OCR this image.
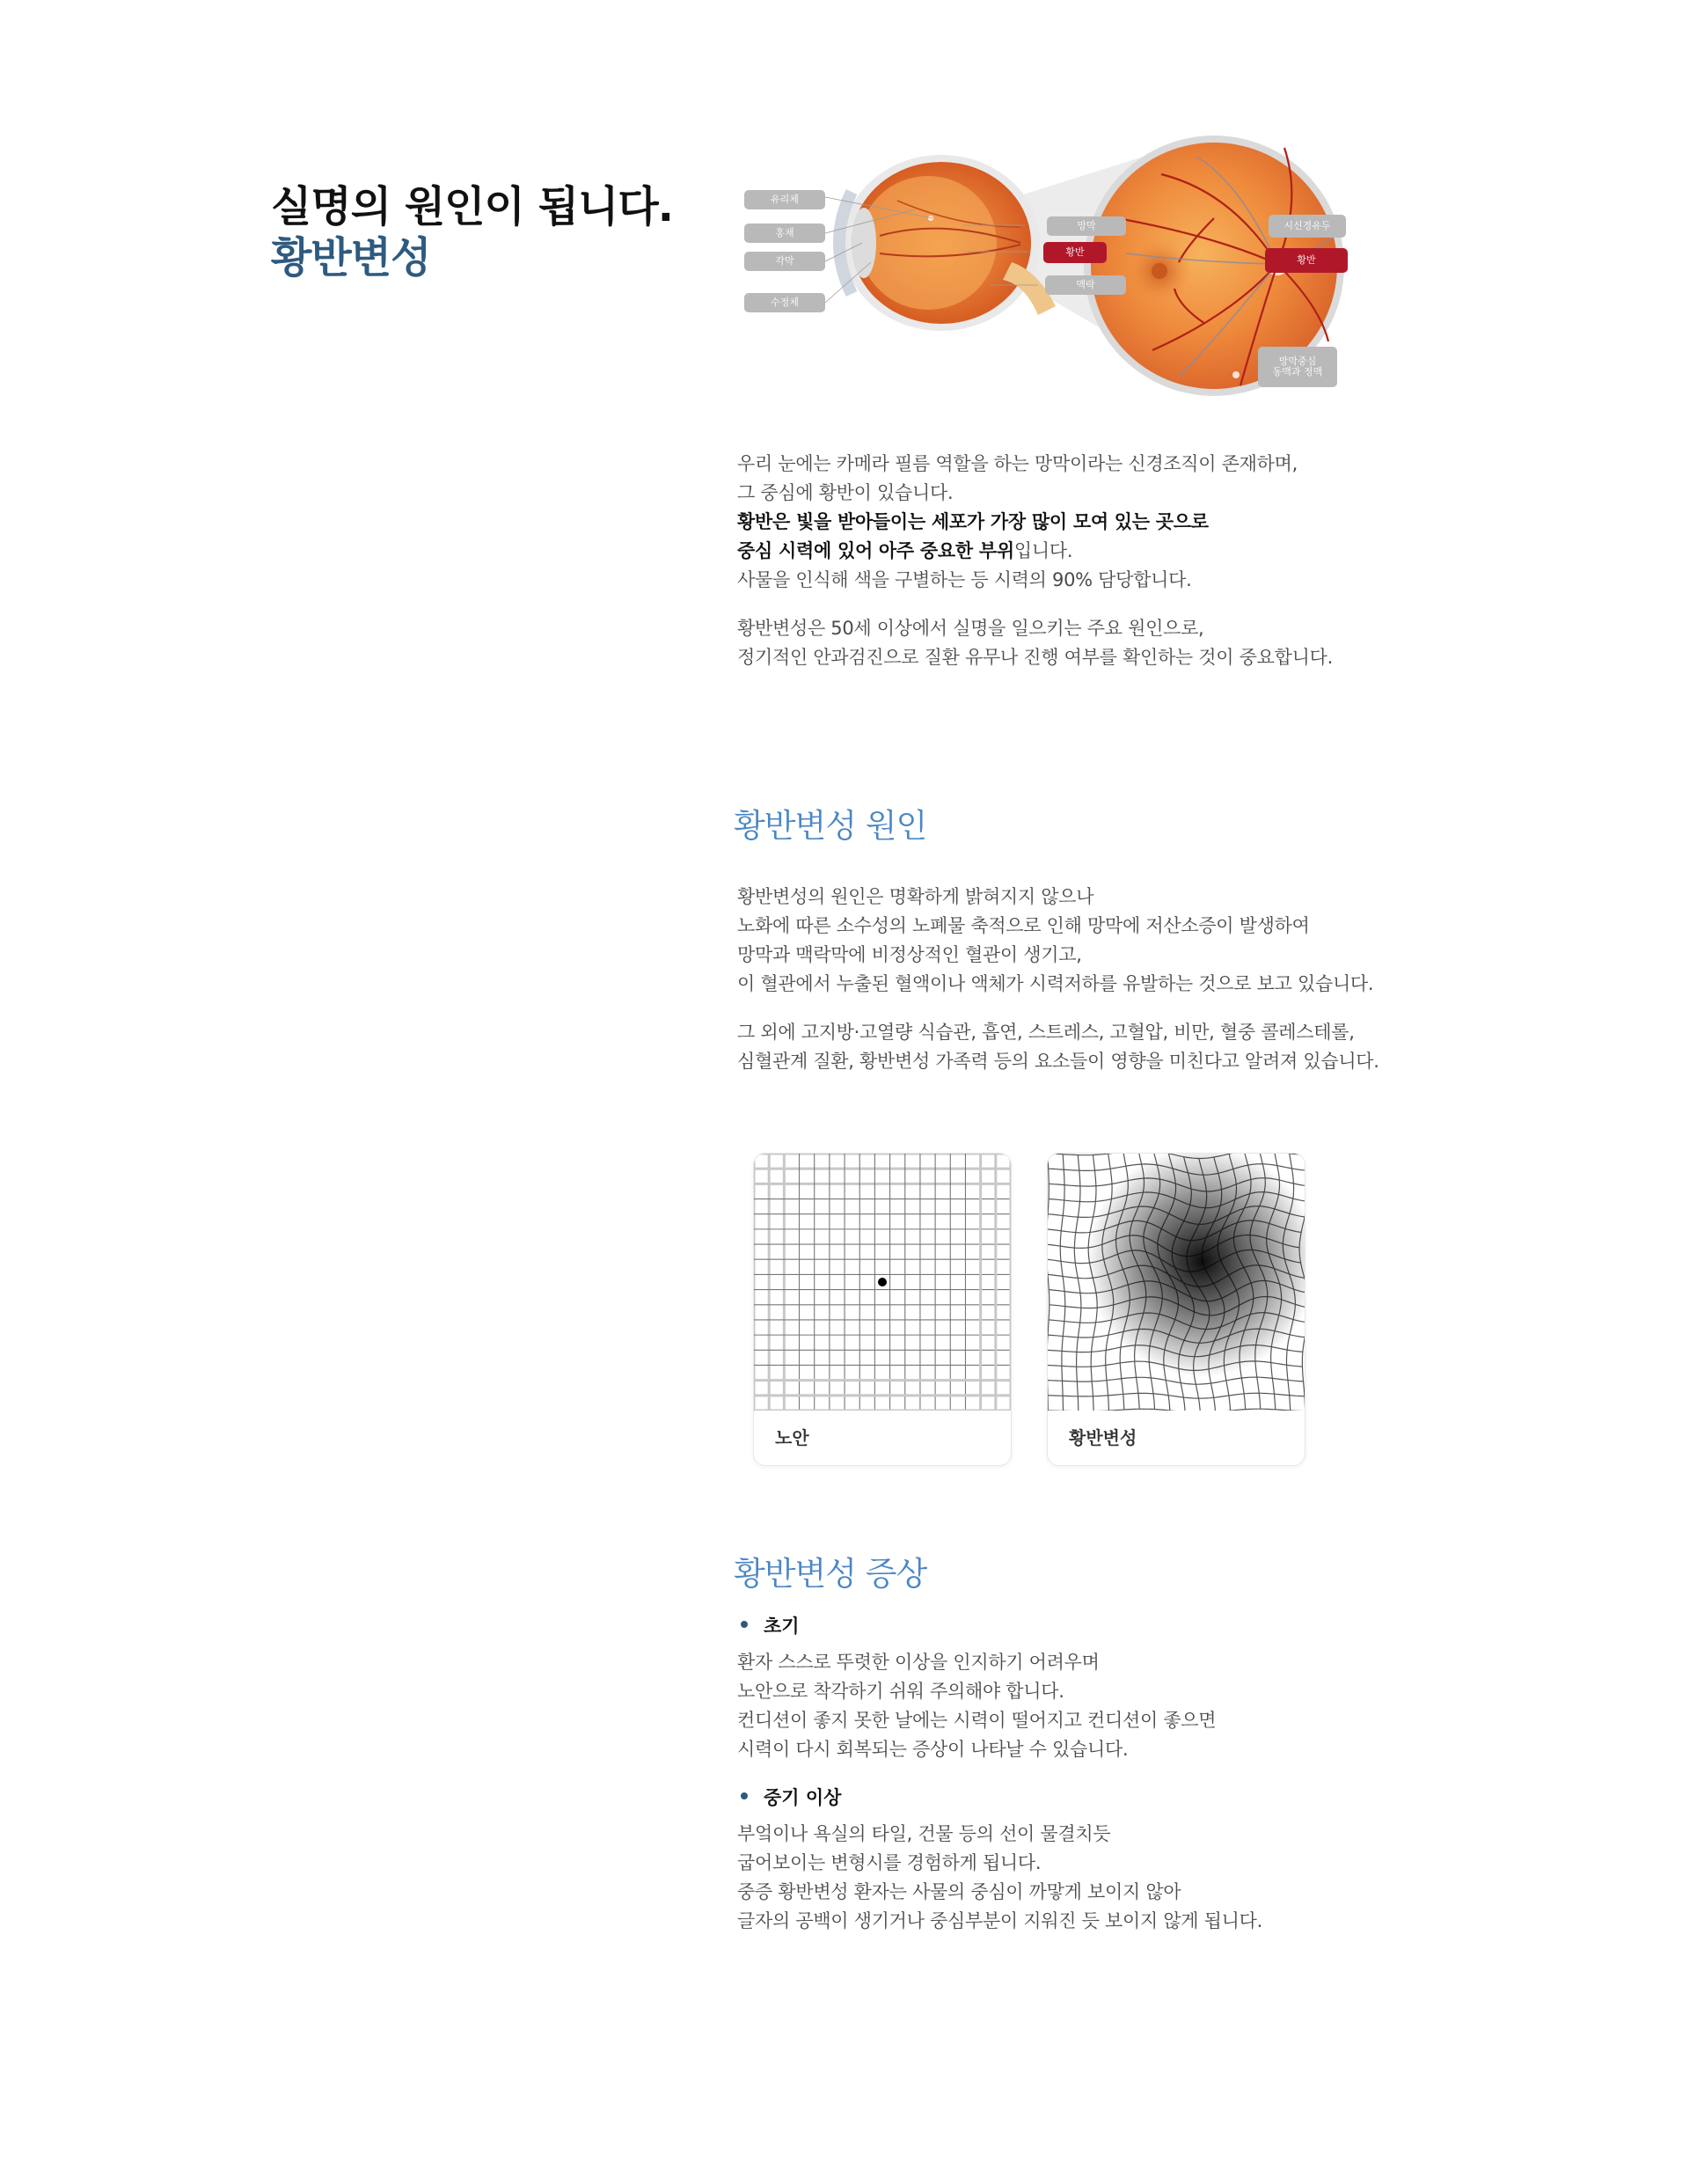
실명의 원인이 됩니다.
황반변성
유리체
홍채
각막
수정체
망막
황반
맥락
시신경유두
황반
망막중심
동맥과 정맥

우리 눈에는 카메라 필름 역할을 하는 망막이라는 신경조직이 존재하며,

그 중심에 황반이 있습니다.

황반은 빛을 받아들이는 세포가 가장 많이 모여 있는 곳으로

중심 시력에 있어 아주 중요한 부위입니다.

사물을 인식해 색을 구별하는 등 시력의 90% 담당합니다.

황반변성은 50세 이상에서 실명을 일으키는 주요 원인으로,

정기적인 안과검진으로 질환 유무나 진행 여부를 확인하는 것이 중요합니다.

황반변성 원인

황반변성의 원인은 명확하게 밝혀지지 않으나

노화에 따른 소수성의 노폐물 축적으로 인해 망막에 저산소증이 발생하여

망막과 맥락막에 비정상적인 혈관이 생기고,

이 혈관에서 누출된 혈액이나 액체가 시력저하를 유발하는 것으로 보고 있습니다.

그 외에 고지방·고열량 식습관, 흡연, 스트레스, 고혈압, 비만, 혈중 콜레스테롤,

심혈관계 질환, 황반변성 가족력 등의 요소들이 영향을 미친다고 알려져 있습니다.

노안	황반변성
황반변성 증상
초기

환자 스스로 뚜렷한 이상을 인지하기 어려우며

노안으로 착각하기 쉬워 주의해야 합니다.

컨디션이 좋지 못한 날에는 시력이 떨어지고 컨디션이 좋으면

시력이 다시 회복되는 증상이 나타날 수 있습니다.

중기 이상

부엌이나 욕실의 타일, 건물 등의 선이 물결치듯

굽어보이는 변형시를 경험하게 됩니다.

중증 황반변성 환자는 사물의 중심이 까맣게 보이지 않아

글자의 공백이 생기거나 중심부분이 지워진 듯 보이지 않게 됩니다.
